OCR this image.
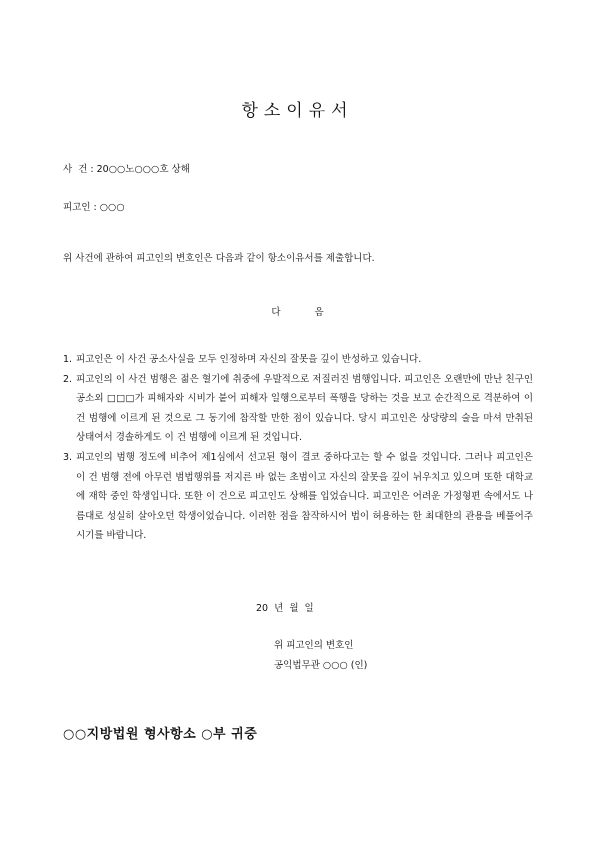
항소이유서
사  건 : 20○○노○○○호 상해
피고인 : ○○○
위 사건에 관하여 피고인의 변호인은 다음과 같이 항소이유서를 제출합니다.
다	음
1. 피고인은 이 사건 공소사실을 모두 인정하며 자신의 잘못을 깊이 반성하고 있습니다.
2. 피고인의 이 사건 범행은 젊은 혈기에 취중에 우발적으로 저질러진 범행입니다. 피고인은 오랜만에 만난 친구인 공소외 □□□가 피해자와 시비가 붙어 피해자 일행으로부터 폭행을 당하는 것을 보고 순간적으로 격분하여 이 건 범행에 이르게 된 것으로 그 동기에 참작할 만한 점이 있습니다. 당시 피고인은 상당량의 술을 마셔 만취된 상태여서 경솔하게도 이 건 범행에 이르게 된 것입니다.
3. 피고인의 범행 정도에 비추어 제1심에서 선고된 형이 결코 중하다고는 할 수 없을 것입니다. 그러나 피고인은 이 건 범행 전에 아무런 범법행위를 저지른 바 없는 초범이고 자신의 잘못을 깊이 뉘우치고 있으며 또한 대학교에 재학 중인 학생입니다. 또한 이 건으로 피고인도 상해를 입었습니다. 피고인은 어려운 가정형편 속에서도 나름대로 성실히 살아오던 학생이었습니다. 이러한 점을 참작하시어 법이 허용하는 한 최대한의 관용을 베풀어주시기를 바랍니다.
20  년  월  일
위 피고인의 변호인
공익법무관 ○○○ (인)
○○지방법원 형사항소 ○부 귀중
